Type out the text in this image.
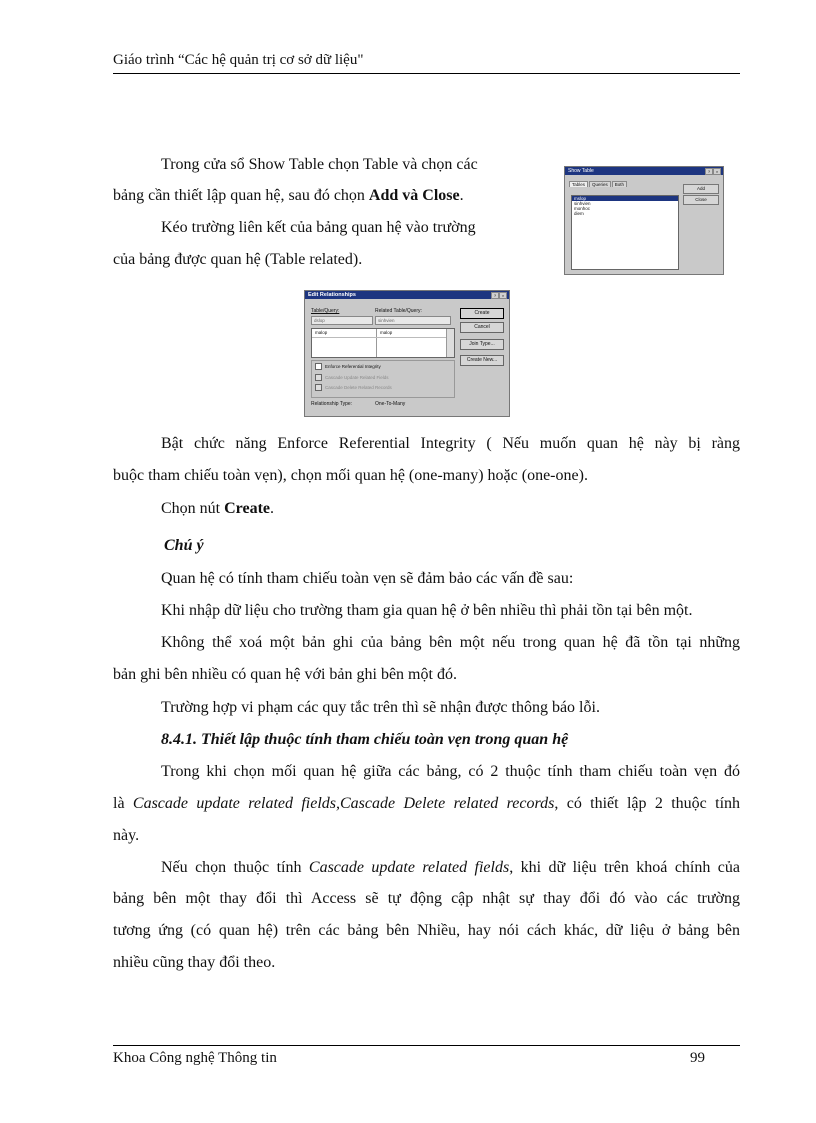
Giáo trình “Các hệ quản trị cơ sở dữ liệu"
Trong cửa sổ Show Table chọn Table và chọn các
bảng cần thiết lập quan hệ, sau đó chọn Add và Close.
Kéo trường liên kết của bảng quan hệ vào trường
của bảng được quan hệ (Table related).
Show Table	?	×
Tables Queries Both
mslop
sinhvien
monhoc
diem
Add
Close
Edit Relationships	?	×
Table/Query:	Related Table/Query:
dslop	sinhvien
malop	malop
Enforce Referential Integrity
Cascade Update Related Fields
Cascade Delete Related Records
Relationship Type:	One-To-Many
Create
Cancel
Join Type...
Create New...
Bật chức năng Enforce Referential Integrity ( Nếu muốn quan hệ này bị ràng
buộc tham chiếu toàn vẹn), chọn mối quan hệ (one-many) hoặc (one-one).
Chọn nút Create.
Chú ý
Quan hệ có tính tham chiếu toàn vẹn sẽ đảm bảo các vấn đề sau:
Khi nhập dữ liệu cho trường tham gia quan hệ ở bên nhiều thì phải tồn tại bên một.
Không thể xoá một bản ghi của bảng bên một nếu trong quan hệ đã tồn tại những
bản ghi bên nhiều có quan hệ với bản ghi bên một đó.
Trường hợp vi phạm các quy tắc trên thì sẽ nhận được thông báo lỗi.
8.4.1. Thiết lập thuộc tính tham chiếu toàn vẹn trong quan hệ
Trong khi chọn mối quan hệ giữa các bảng, có 2 thuộc tính tham chiếu toàn vẹn đó
là Cascade update related fields,Cascade Delete related records, có thiết lập 2 thuộc tính
này.
Nếu chọn thuộc tính Cascade update related fields, khi dữ liệu trên khoá chính của
bảng bên một thay đổi thì Access sẽ tự động cập nhật sự thay đổi đó vào các trường
tương ứng (có quan hệ) trên các bảng bên Nhiều, hay nói cách khác, dữ liệu ở bảng bên
nhiều cũng thay đổi theo.
Khoa Công nghệ Thông tin	99
